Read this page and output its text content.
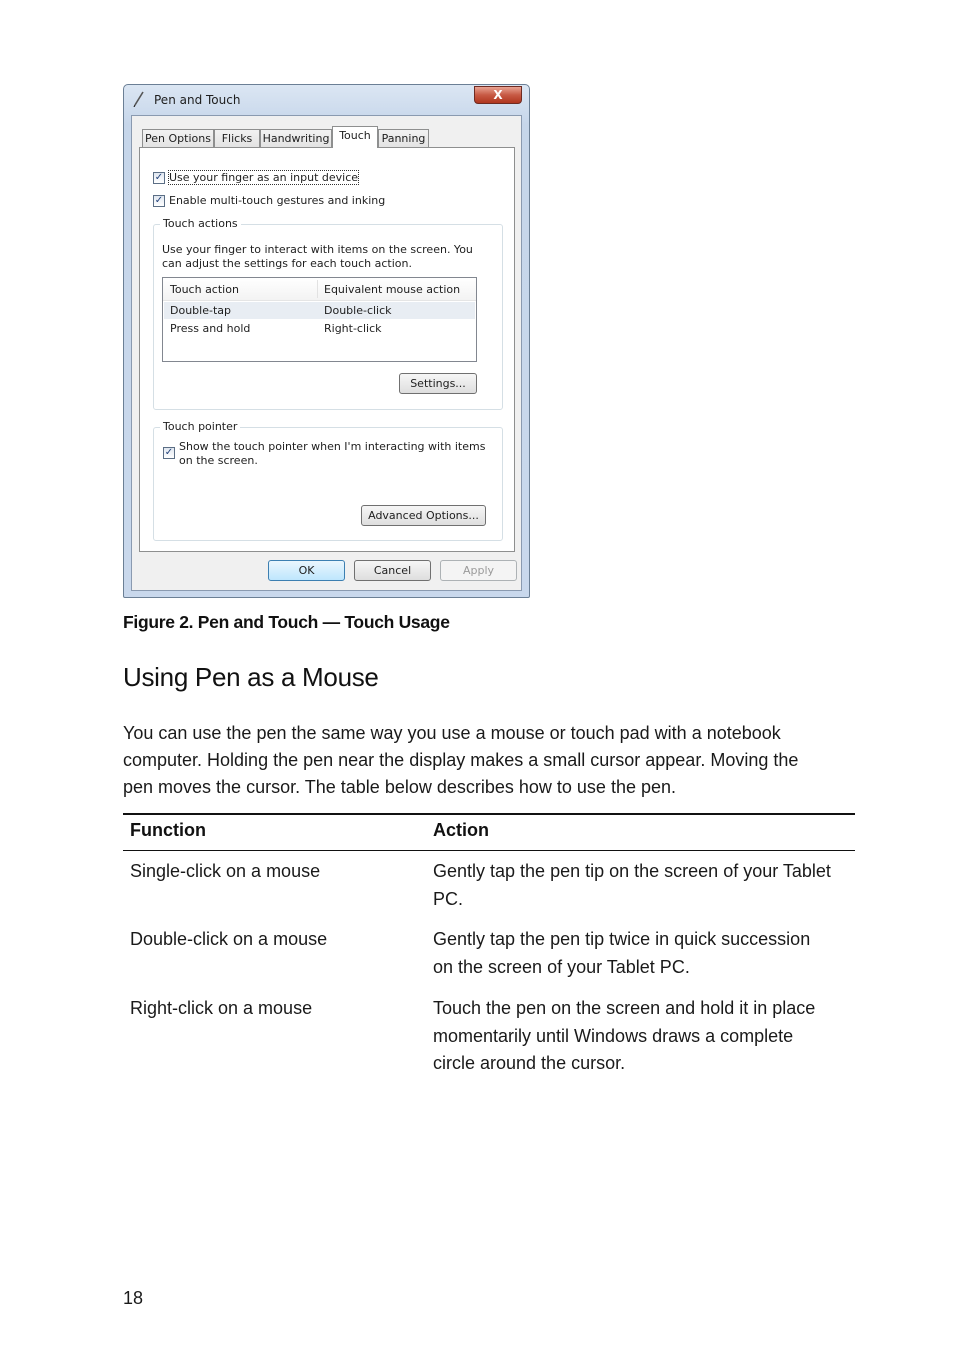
Pen and Touch	X
Pen Options Flicks Handwriting Touch Panning
✓ Use your finger as an input device
✓ Enable multi-touch gestures and inking
Touch actions
Use your finger to interact with items on the screen. You
can adjust the settings for each touch action.
Touch action	Equivalent mouse action
Double-tap	Double-click
Press and hold	Right-click
Settings...
Touch pointer
✓ Show the touch pointer when I'm interacting with items
on the screen.
Advanced Options...
OK	Cancel	Apply
Figure 2. Pen and Touch — Touch Usage
Using Pen as a Mouse
You can use the pen the same way you use a mouse or touch pad with a notebook
computer. Holding the pen near the display makes a small cursor appear. Moving the
pen moves the cursor. The table below describes how to use the pen.
Function	Action
Single-click on a mouse	Gently tap the pen tip on the screen of your Tablet
PC.
Double-click on a mouse	Gently tap the pen tip twice in quick succession
on the screen of your Tablet PC.
Right-click on a mouse	Touch the pen on the screen and hold it in place
momentarily until Windows draws a complete
circle around the cursor.
18
